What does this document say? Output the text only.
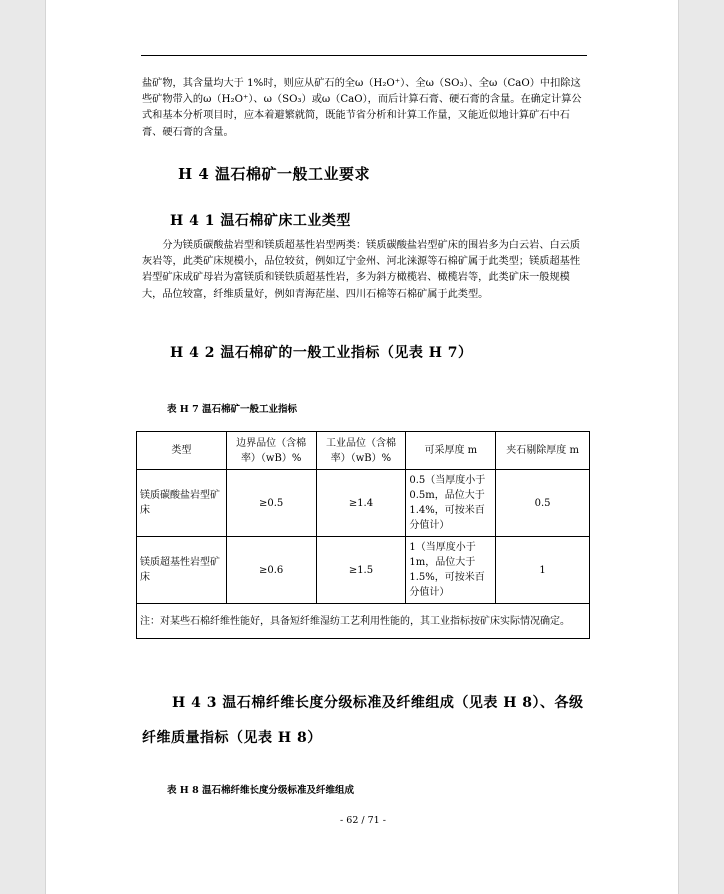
盐矿物，其含量均大于 1%时，则应从矿石的全ω（H₂O⁺）、全ω（SO₃）、全ω（CaO）中扣除这些矿物带入的ω（H₂O⁺）、ω（SO₃）或ω（CaO），而后计算石膏、硬石膏的含量。在确定计算公式和基本分析项目时，应本着避繁就简，既能节省分析和计算工作量，又能近似地计算矿石中石膏、硬石膏的含量。

H 4 温石棉矿一般工业要求
H 4 1 温石棉矿床工业类型

分为镁质碳酸盐岩型和镁质超基性岩型两类：镁质碳酸盐岩型矿床的围岩多为白云岩、白云质灰岩等，此类矿床规模小，品位较贫，例如辽宁金州、河北涞源等石棉矿属于此类型；镁质超基性岩型矿床成矿母岩为富镁质和镁铁质超基性岩，多为斜方橄榄岩、橄榄岩等，此类矿床一般规模大，品位较富，纤维质量好，例如青海茫崖、四川石棉等石棉矿属于此类型。

H 4 2 温石棉矿的一般工业指标（见表 H 7）

表 H 7 温石棉矿一般工业指标

类型	边界品位（含棉率）（wB）%	工业品位（含棉率）（wB）%	可采厚度 m	夹石剔除厚度 m
镁质碳酸盐岩型矿床	≥0.5	≥1.4	0.5（当厚度小于0.5m，品位大于1.4%，可按米百分值计）	0.5
镁质超基性岩型矿床	≥0.6	≥1.5	1（当厚度小于1m，品位大于1.5%，可按米百分值计）	1
注：对某些石棉纤维性能好，具备短纤维湿纺工艺利用性能的，其工业指标按矿床实际情况确定。				
H 4 3 温石棉纤维长度分级标准及纤维组成（见表 H 8）、各级纤维质量指标（见表 H 8）

表 H 8 温石棉纤维长度分级标准及纤维组成

- 62 / 71 -
